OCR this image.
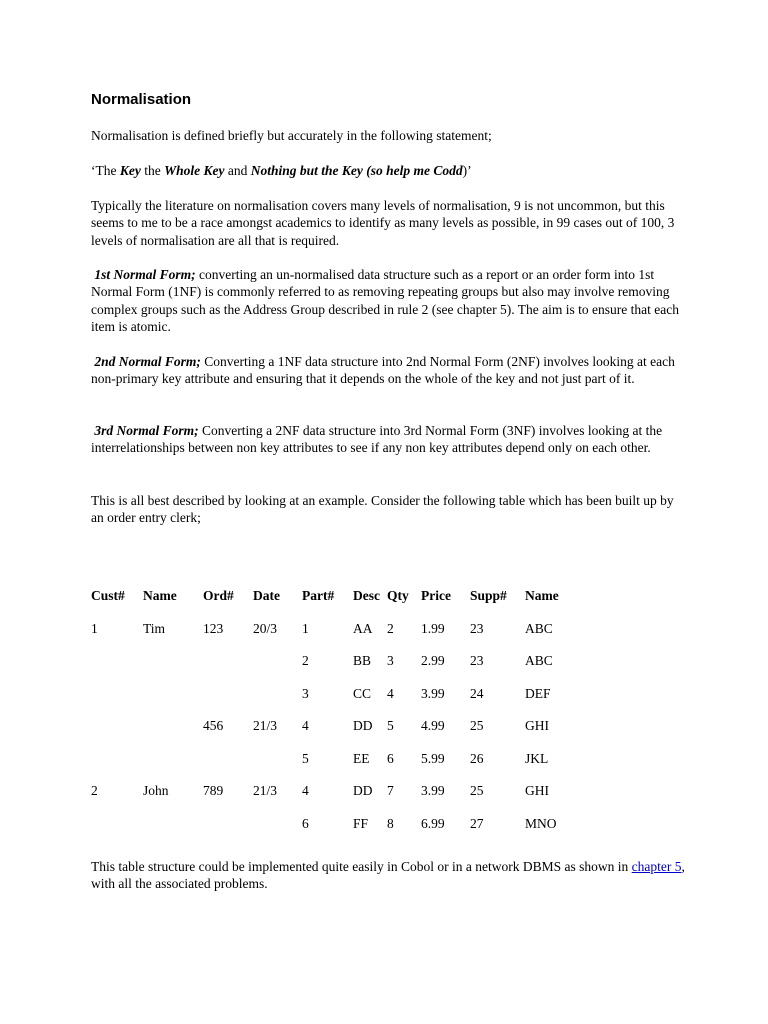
Normalisation

Normalisation is defined briefly but accurately in the following statement;

‘The Key the Whole Key and Nothing but the Key (so help me Codd)’

Typically the literature on normalisation covers many levels of normalisation, 9 is not uncommon, but this seems to me to be a race amongst academics to identify as many levels as possible, in 99 cases out of 100, 3 levels of normalisation are all that is required.

1st Normal Form; converting an un-normalised data structure such as a report or an order form into 1st Normal Form (1NF) is commonly referred to as removing repeating groups but also may involve removing complex groups such as the Address Group described in rule 2 (see chapter 5). The aim is to ensure that each item is atomic.

2nd Normal Form; Converting a 1NF data structure into 2nd Normal Form (2NF) involves looking at each non-primary key attribute and ensuring that it depends on the whole of the key and not just part of it.

3rd Normal Form; Converting a 2NF data structure into 3rd Normal Form (3NF) involves looking at the interrelationships between non key attributes to see if any non key attributes depend only on each other.

This is all best described by looking at an example. Consider the following table which has been built up by an order entry clerk;

Cust#	Name	Ord#	Date	Part#	Desc	Qty	Price	Supp#	Name
1	Tim	123	20/3	1	AA	2	1.99	23	ABC
				2	BB	3	2.99	23	ABC
				3	CC	4	3.99	24	DEF
		456	21/3	4	DD	5	4.99	25	GHI
				5	EE	6	5.99	26	JKL
2	John	789	21/3	4	DD	7	3.99	25	GHI
				6	FF	8	6.99	27	MNO

This table structure could be implemented quite easily in Cobol or in a network DBMS as shown in chapter 5, with all the associated problems.
